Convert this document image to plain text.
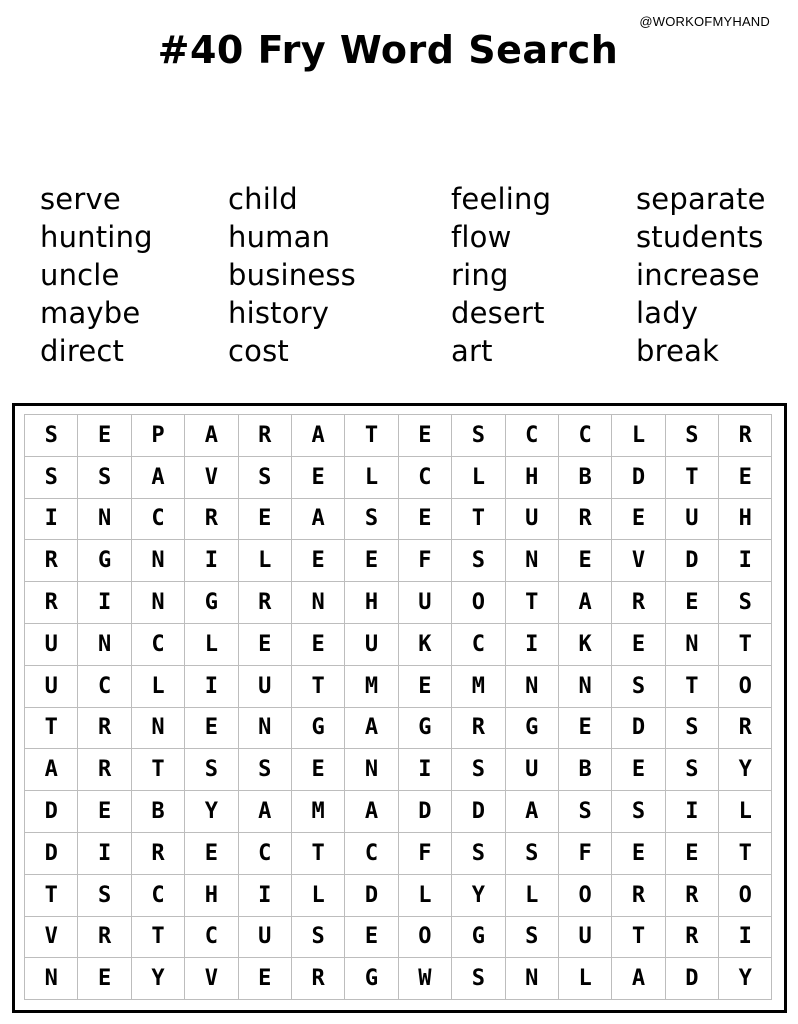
#40 Fry Word Search
@WORKOFMYHAND
serve
hunting
uncle
maybe
direct
child
human
business
history
cost
feeling
flow
ring
desert
art
separate
students
increase
lady
break
S	E	P	A	R	A	T	E	S	C	C	L	S	R
S	S	A	V	S	E	L	C	L	H	B	D	T	E
I	N	C	R	E	A	S	E	T	U	R	E	U	H
R	G	N	I	L	E	E	F	S	N	E	V	D	I
R	I	N	G	R	N	H	U	O	T	A	R	E	S
U	N	C	L	E	E	U	K	C	I	K	E	N	T
U	C	L	I	U	T	M	E	M	N	N	S	T	O
T	R	N	E	N	G	A	G	R	G	E	D	S	R
A	R	T	S	S	E	N	I	S	U	B	E	S	Y
D	E	B	Y	A	M	A	D	D	A	S	S	I	L
D	I	R	E	C	T	C	F	S	S	F	E	E	T
T	S	C	H	I	L	D	L	Y	L	O	R	R	O
V	R	T	C	U	S	E	O	G	S	U	T	R	I
N	E	Y	V	E	R	G	W	S	N	L	A	D	Y
